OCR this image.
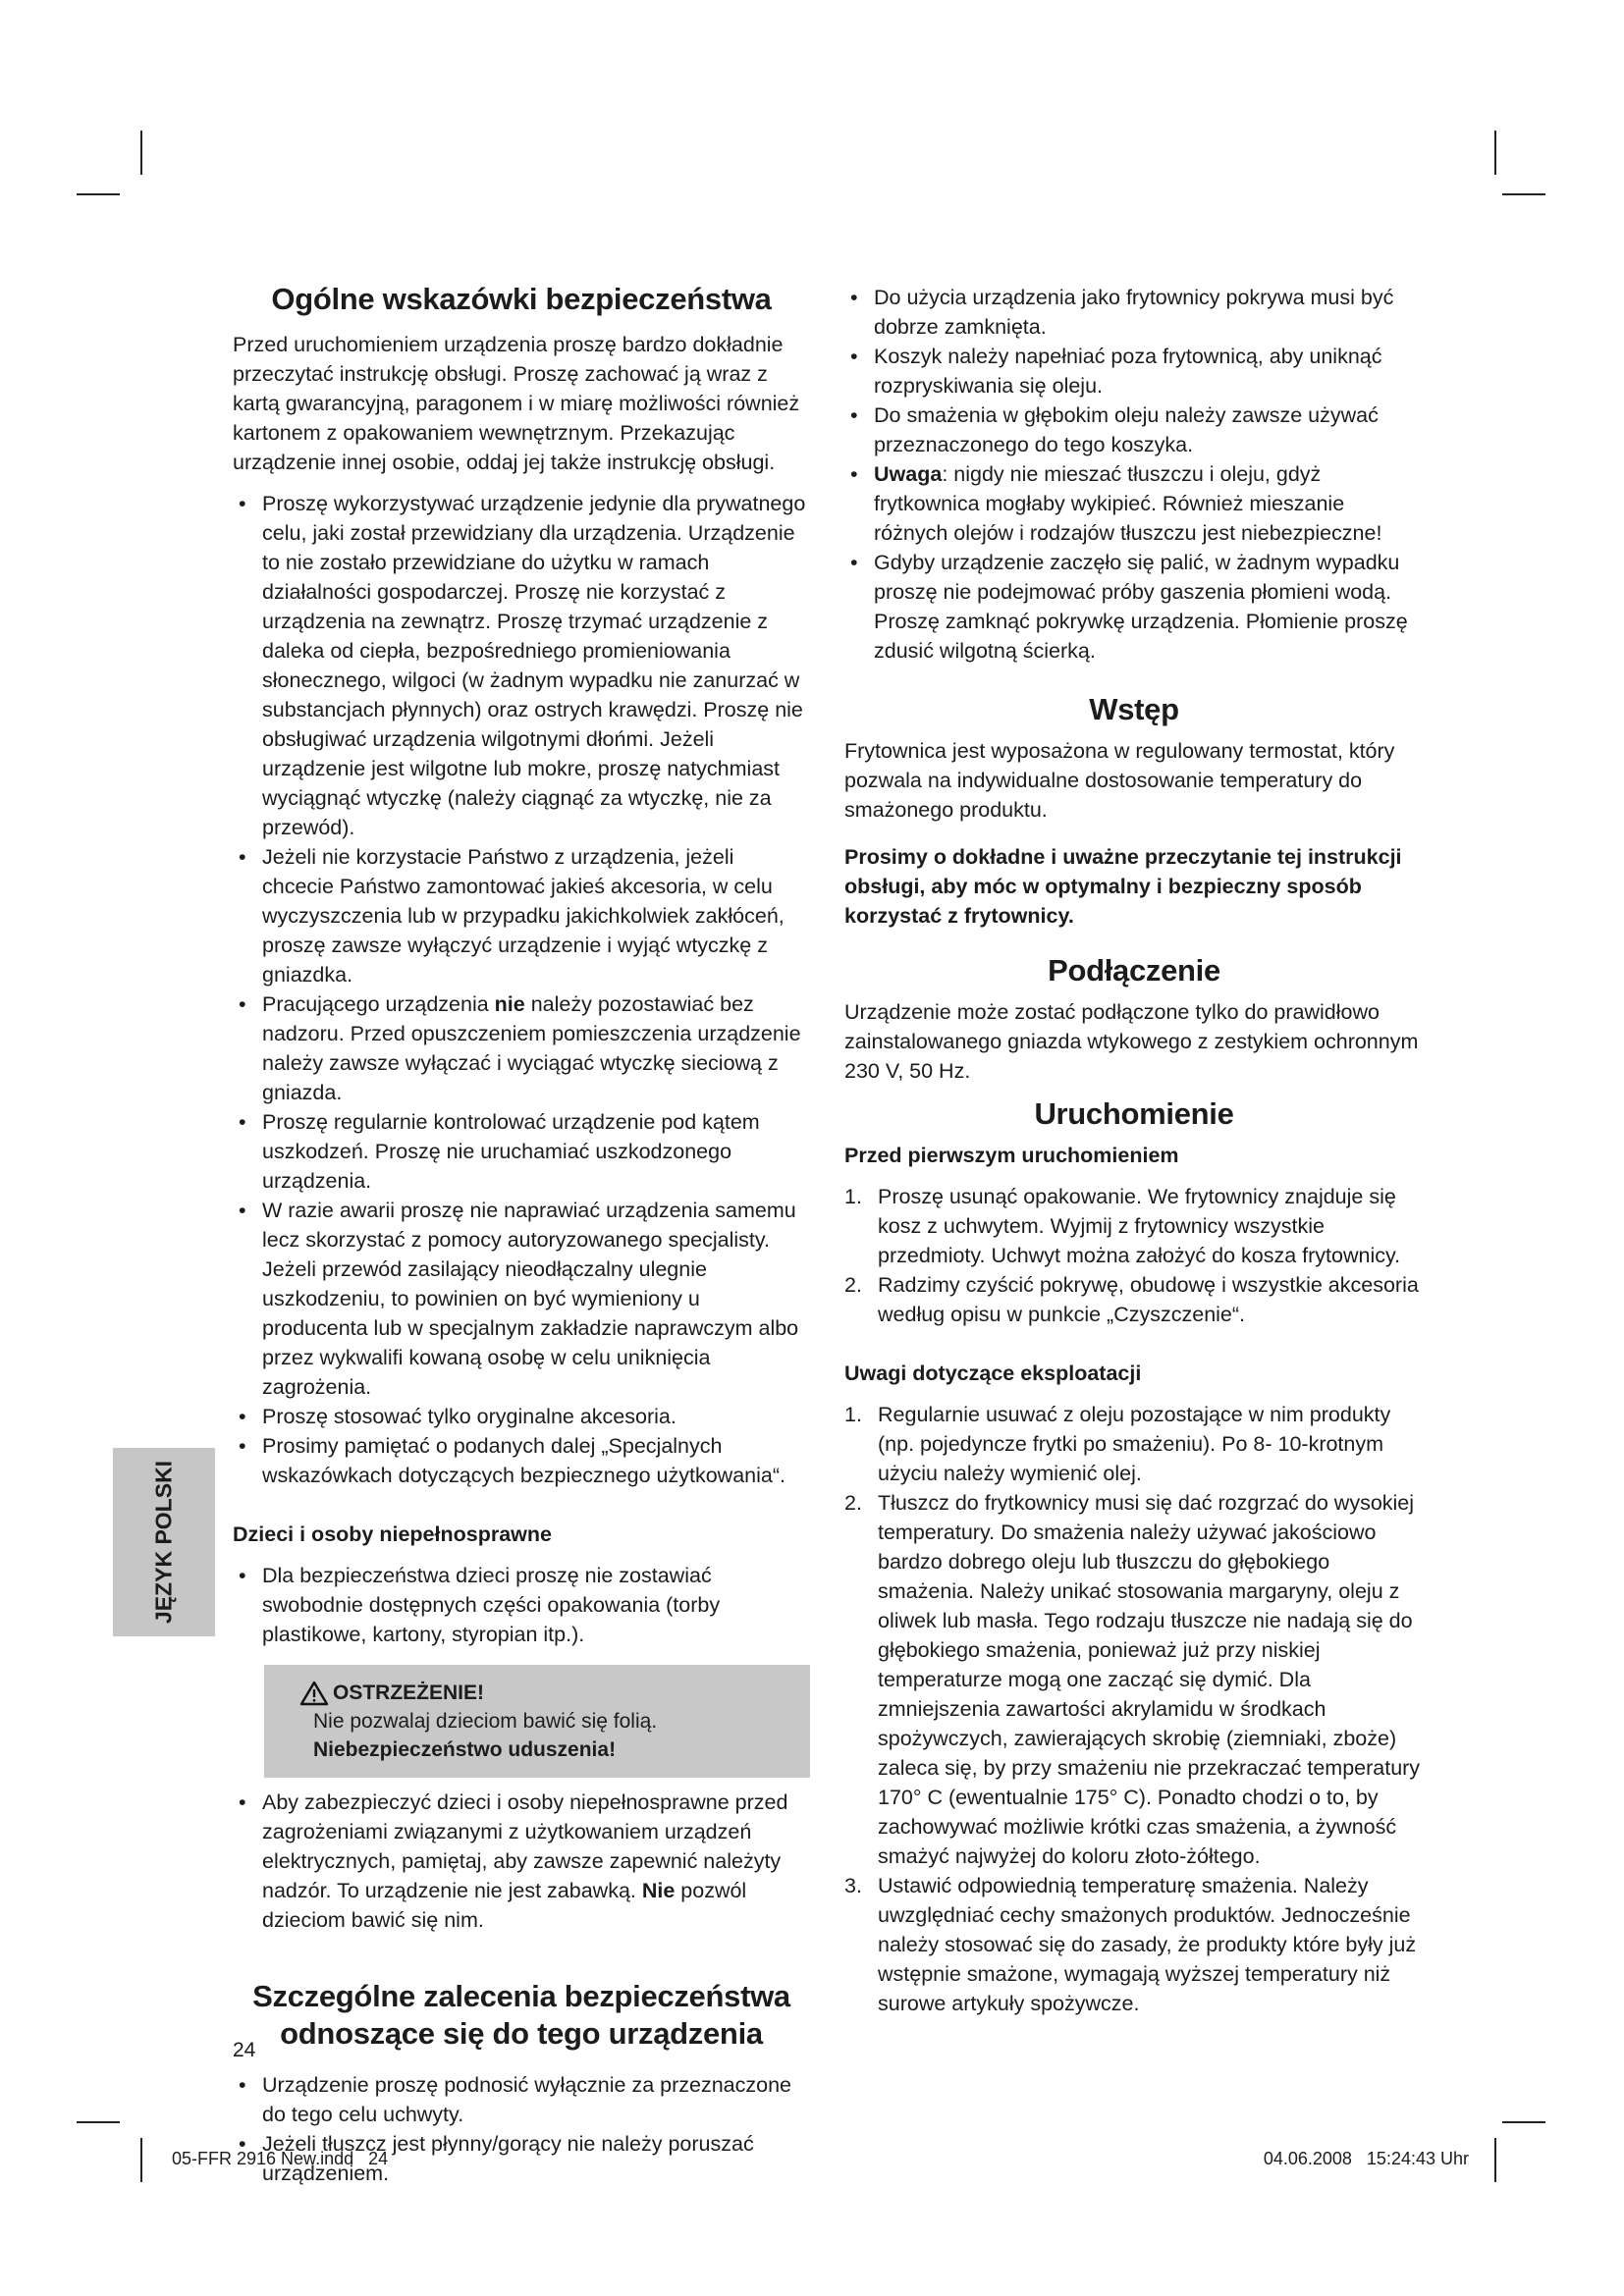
JĘZYK POLSKI
Ogólne wskazówki bezpieczeństwa

Przed uruchomieniem urządzenia proszę bardzo dokładnie przeczytać instrukcję obsługi. Proszę zachować ją wraz z kartą gwarancyjną, paragonem i w miarę możliwości również kartonem z opakowaniem wewnętrznym. Przekazując urządzenie innej osobie, oddaj jej także instrukcję obsługi.

• Proszę wykorzystywać urządzenie jedynie dla prywatnego celu, jaki został przewidziany dla urządzenia. Urządzenie to nie zostało przewidziane do użytku w ramach działalności gospodarczej. Proszę nie korzystać z urządzenia na zewnątrz. Proszę trzymać urządzenie z daleka od ciepła, bezpośredniego promieniowania słonecznego, wilgoci (w żadnym wypadku nie zanurzać w substancjach płynnych) oraz ostrych krawędzi. Proszę nie obsługiwać urządzenia wilgotnymi dłońmi. Jeżeli urządzenie jest wilgotne lub mokre, proszę natychmiast wyciągnąć wtyczkę (należy ciągnąć za wtyczkę, nie za przewód).
• Jeżeli nie korzystacie Państwo z urządzenia, jeżeli chcecie Państwo zamontować jakieś akcesoria, w celu wyczyszczenia lub w przypadku jakichkolwiek zakłóceń, proszę zawsze wyłączyć urządzenie i wyjąć wtyczkę z gniazdka.
• Pracującego urządzenia nie należy pozostawiać bez nadzoru. Przed opuszczeniem pomieszczenia urządzenie należy zawsze wyłączać i wyciągać wtyczkę sieciową z gniazda.
• Proszę regularnie kontrolować urządzenie pod kątem uszkodzeń. Proszę nie uruchamiać uszkodzonego urządzenia.
• W razie awarii proszę nie naprawiać urządzenia samemu lecz skorzystać z pomocy autoryzowanego specjalisty. Jeżeli przewód zasilający nieodłączalny ulegnie uszkodzeniu, to powinien on być wymieniony u producenta lub w specjalnym zakładzie naprawczym albo przez wykwalifi kowaną osobę w celu uniknięcia zagrożenia.
• Proszę stosować tylko oryginalne akcesoria.
• Prosimy pamiętać o podanych dalej „Specjalnych wskazówkach dotyczących bezpiecznego użytkowania“.
Dzieci i osoby niepełnosprawne
• Dla bezpieczeństwa dzieci proszę nie zostawiać swobodnie dostępnych części opakowania (torby plastikowe, kartony, styropian itp.).
OSTRZEŻENIE!
Nie pozwalaj dzieciom bawić się folią.
Niebezpieczeństwo uduszenia!
• Aby zabezpieczyć dzieci i osoby niepełnosprawne przed zagrożeniami związanymi z użytkowaniem urządzeń elektrycznych, pamiętaj, aby zawsze zapewnić należyty nadzór. To urządzenie nie jest zabawką. Nie pozwól dzieciom bawić się nim.
Szczególne zalecenia bezpieczeństwa
odnoszące się do tego urządzenia
• Urządzenie proszę podnosić wyłącznie za przeznaczone do tego celu uchwyty.
• Jeżeli tłuszcz jest płynny/gorący nie należy poruszać urządzeniem.
• Do użycia urządzenia jako frytownicy pokrywa musi być dobrze zamknięta.
• Koszyk należy napełniać poza frytownicą, aby uniknąć rozpryskiwania się oleju.
• Do smażenia w głębokim oleju należy zawsze używać przeznaczonego do tego koszyka.
• Uwaga: nigdy nie mieszać tłuszczu i oleju, gdyż frytkownica mogłaby wykipieć. Również mieszanie różnych olejów i rodzajów tłuszczu jest niebezpieczne!
• Gdyby urządzenie zaczęło się palić, w żadnym wypadku proszę nie podejmować próby gaszenia płomieni wodą. Proszę zamknąć pokrywkę urządzenia. Płomienie proszę zdusić wilgotną ścierką.
Wstęp

Frytownica jest wyposażona w regulowany termostat, który pozwala na indywidualne dostosowanie temperatury do smażonego produktu.

Prosimy o dokładne i uważne przeczytanie tej instrukcji obsługi, aby móc w optymalny i bezpieczny sposób korzystać z frytownicy.

Podłączenie

Urządzenie może zostać podłączone tylko do prawidłowo zainstalowanego gniazda wtykowego z zestykiem ochronnym 230 V, 50 Hz.

Uruchomienie
Przed pierwszym uruchomieniem
1. Proszę usunąć opakowanie. We frytownicy znajduje się kosz z uchwytem. Wyjmij z frytownicy wszystkie przedmioty. Uchwyt można założyć do kosza frytownicy.
2. Radzimy czyścić pokrywę, obudowę i wszystkie akcesoria według opisu w punkcie „Czyszczenie“.
Uwagi dotyczące eksploatacji
1. Regularnie usuwać z oleju pozostające w nim produkty (np. pojedyncze frytki po smażeniu). Po 8- 10-krotnym użyciu należy wymienić olej.
2. Tłuszcz do frytkownicy musi się dać rozgrzać do wysokiej temperatury. Do smażenia należy używać jakościowo bardzo dobrego oleju lub tłuszczu do głębokiego smażenia. Należy unikać stosowania margaryny, oleju z oliwek lub masła. Tego rodzaju tłuszcze nie nadają się do głębokiego smażenia, ponieważ już przy niskiej temperaturze mogą one zacząć się dymić. Dla zmniejszenia zawartości akrylamidu w środkach spożywczych, zawierających skrobię (ziemniaki, zboże) zaleca się, by przy smażeniu nie przekraczać temperatury 170° C (ewentualnie 175° C). Ponadto chodzi o to, by zachowywać możliwie krótki czas smażenia, a żywność smażyć najwyżej do koloru złoto-żółtego.
3. Ustawić odpowiednią temperaturę smażenia. Należy uwzględniać cechy smażonych produktów. Jednocześnie należy stosować się do zasady, że produkty które były już wstępnie smażone, wymagają wyższej temperatury niż surowe artykuły spożywcze.
24
05-FFR 2916 New.indd   24	04.06.2008   15:24:43 Uhr
